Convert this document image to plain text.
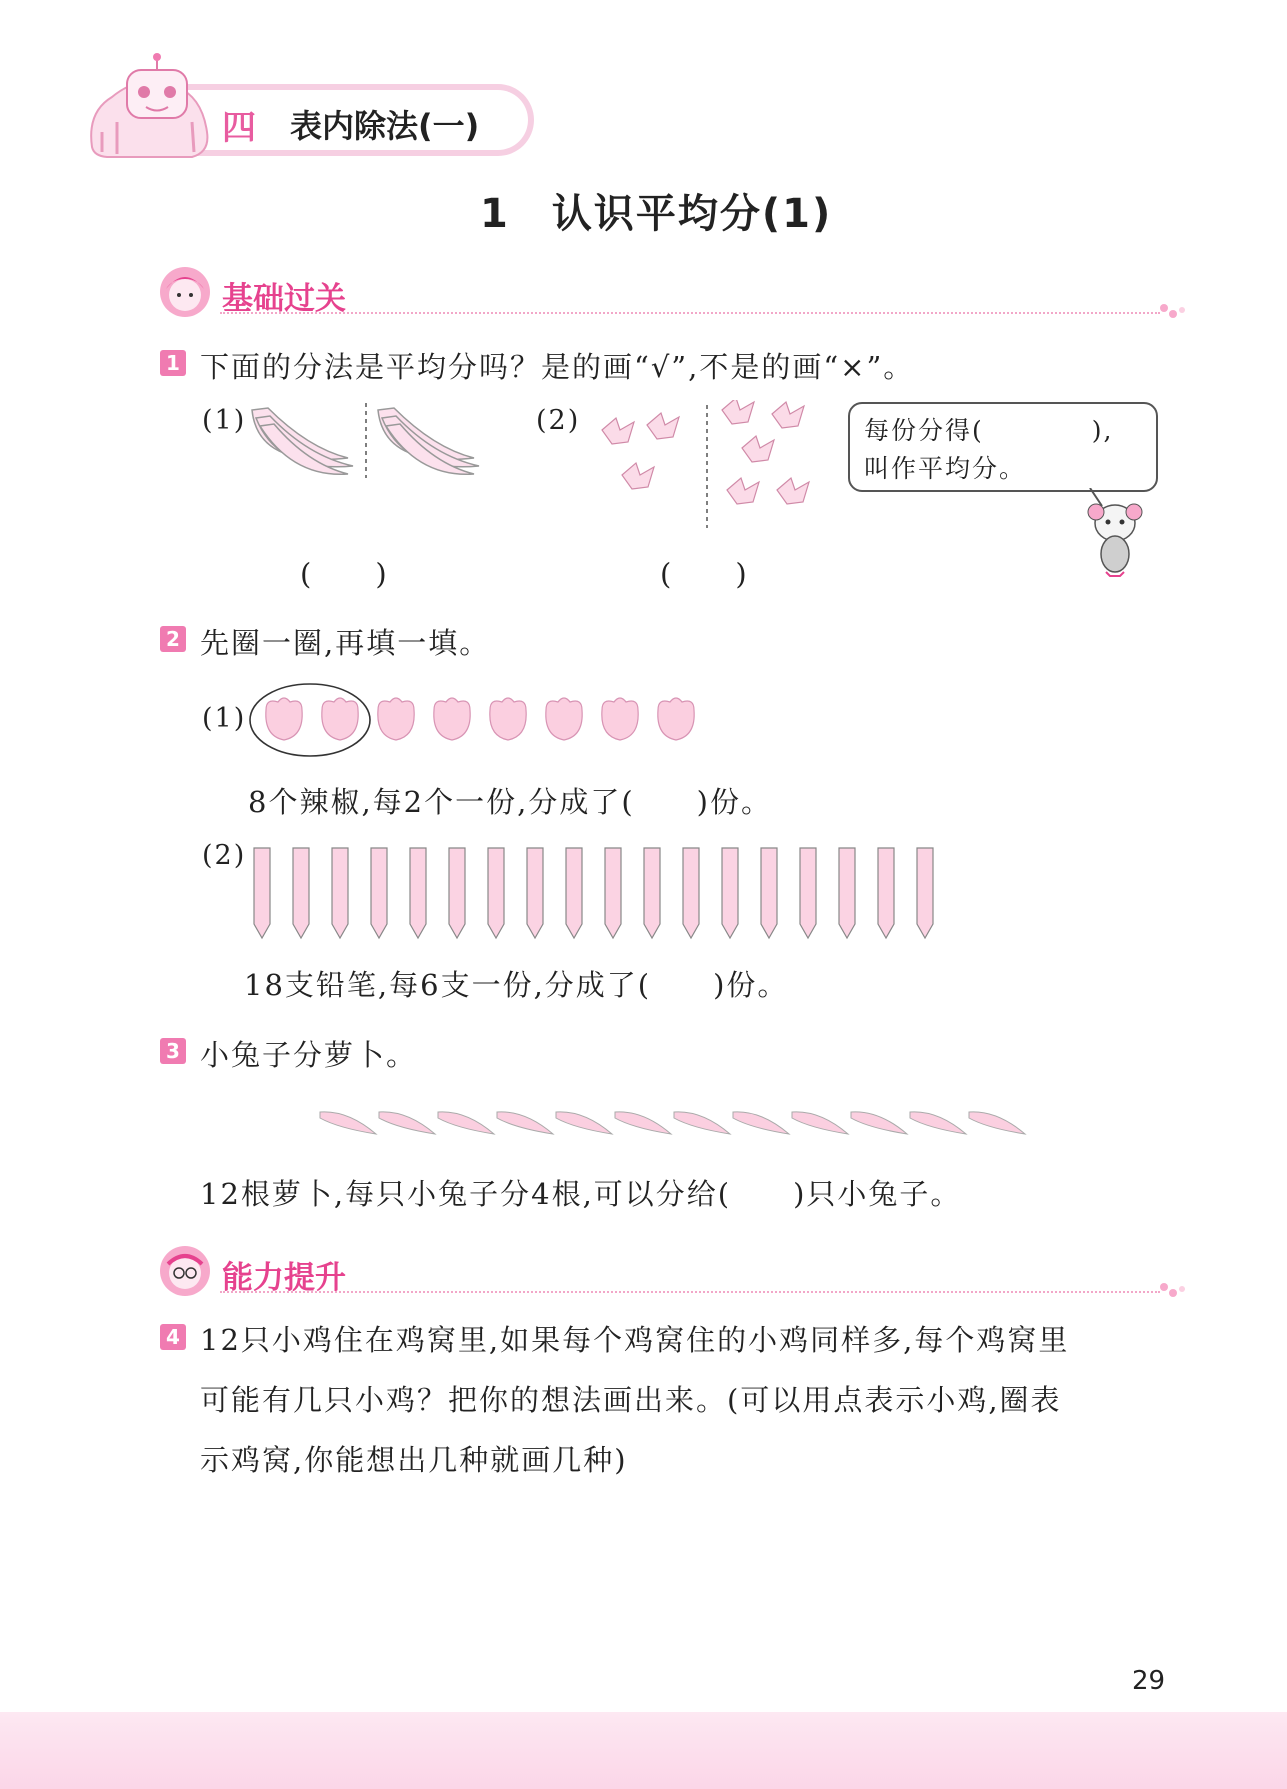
四 表内除法(一)
1　认识平均分(1)
基础过关
1 下面的分法是平均分吗？是的画“√”,不是的画“×”。
(1)	(2)	每份分得(　　　　),
叫作平均分。
(　　)	(　　)
2 先圈一圈,再填一填。
(1)
8个辣椒,每2个一份,分成了(　　)份。
(2)
18支铅笔,每6支一份,分成了(　　)份。
3 小兔子分萝卜。
12根萝卜,每只小兔子分4根,可以分给(　　)只小兔子。
能力提升
4 12只小鸡住在鸡窝里,如果每个鸡窝住的小鸡同样多,每个鸡窝里
可能有几只小鸡？把你的想法画出来。(可以用点表示小鸡,圈表
示鸡窝,你能想出几种就画几种)
29
